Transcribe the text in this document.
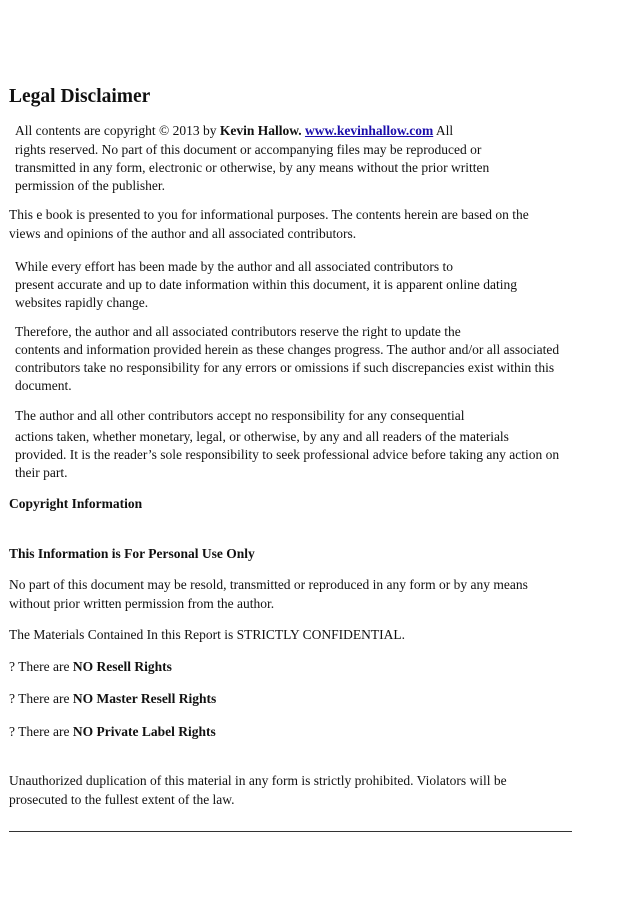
Legal Disclaimer
All contents are copyright © 2013 by Kevin Hallow. www.kevinhallow.com All
rights reserved. No part of this document or accompanying files may be reproduced or
transmitted in any form, electronic or otherwise, by any means without the prior written
permission of the publisher.
This e book is presented to you for informational purposes. The contents herein are based on the
views and opinions of the author and all associated contributors.
While every effort has been made by the author and all associated contributors to
present accurate and up to date information within this document, it is apparent online dating
websites rapidly change.
Therefore, the author and all associated contributors reserve the right to update the
contents and information provided herein as these changes progress. The author and/or all associated
contributors take no responsibility for any errors or omissions if such discrepancies exist within this
document.
The author and all other contributors accept no responsibility for any consequential
actions taken, whether monetary, legal, or otherwise, by any and all readers of the materials
provided. It is the reader’s sole responsibility to seek professional advice before taking any action on
their part.
Copyright Information
This Information is For Personal Use Only
No part of this document may be resold, transmitted or reproduced in any form or by any means
without prior written permission from the author.
The Materials Contained In this Report is STRICTLY CONFIDENTIAL.
? There are NO Resell Rights
? There are NO Master Resell Rights
? There are NO Private Label Rights
Unauthorized duplication of this material in any form is strictly prohibited. Violators will be
prosecuted to the fullest extent of the law.
